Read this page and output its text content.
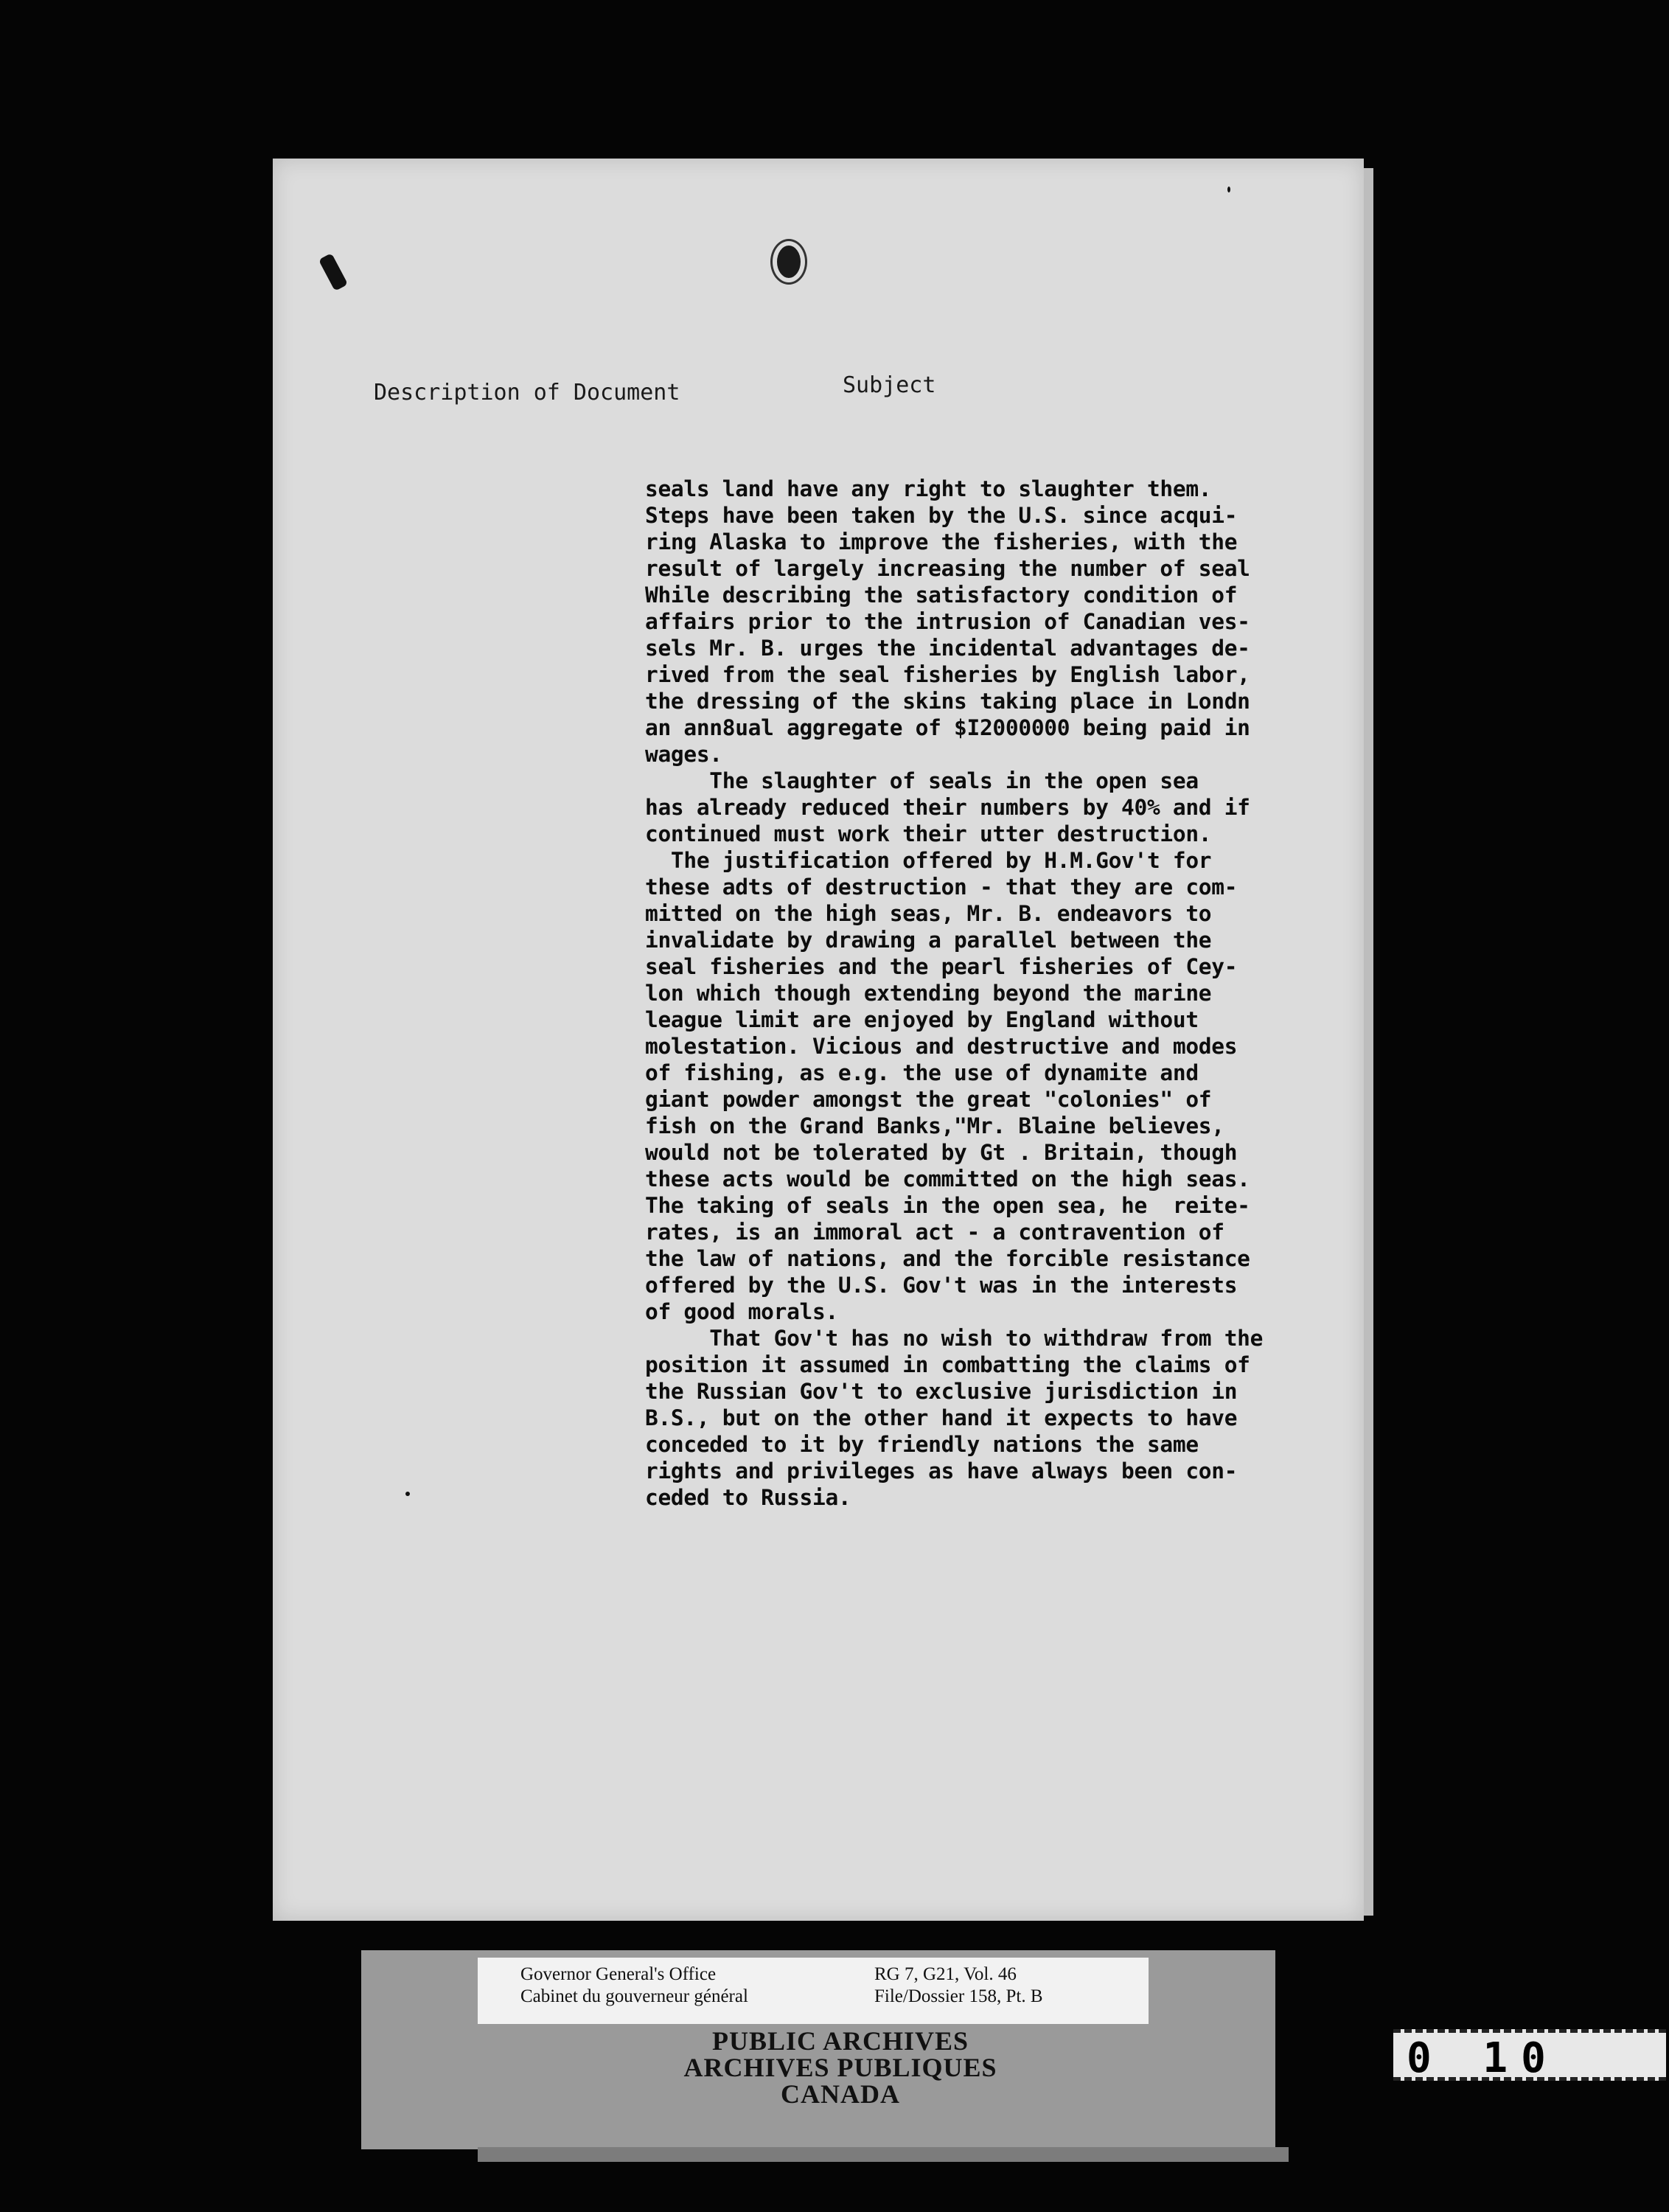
Description of Document	Subject
seals land have any right to slaughter them.
Steps have been taken by the U.S. since acqui-
ring Alaska to improve the fisheries, with the
result of largely increasing the number of seal
While describing the satisfactory condition of
affairs prior to the intrusion of Canadian ves-
sels Mr. B. urges the incidental advantages de-
rived from the seal fisheries by English labor,
the dressing of the skins taking place in Londn
an ann8ual aggregate of $I2000000 being paid in
wages.
The slaughter of seals in the open sea
has already reduced their numbers by 40% and if
continued must work their utter destruction.
The justification offered by H.M.Gov't for
these adts of destruction - that they are com-
mitted on the high seas, Mr. B. endeavors to
invalidate by drawing a parallel between the
seal fisheries and the pearl fisheries of Cey-
lon which though extending beyond the marine
league limit are enjoyed by England without
molestation. Vicious and destructive and modes
of fishing, as e.g. the use of dynamite and
giant powder amongst the great "colonies" of
fish on the Grand Banks,"Mr. Blaine believes,
would not be tolerated by Gt . Britain, though
these acts would be committed on the high seas.
The taking of seals in the open sea, he  reite-
rates, is an immoral act - a contravention of
the law of nations, and the forcible resistance
offered by the U.S. Gov't was in the interests
of good morals.
That Gov't has no wish to withdraw from the
position it assumed in combatting the claims of
the Russian Gov't to exclusive jurisdiction in
B.S., but on the other hand it expects to have
conceded to it by friendly nations the same
rights and privileges as have always been con-
ceded to Russia.
Governor General's Office
Cabinet du gouverneur général
RG 7, G21, Vol. 46
File/Dossier 158, Pt. B
PUBLIC ARCHIVES
ARCHIVES PUBLIQUES
CANADA
0 10
